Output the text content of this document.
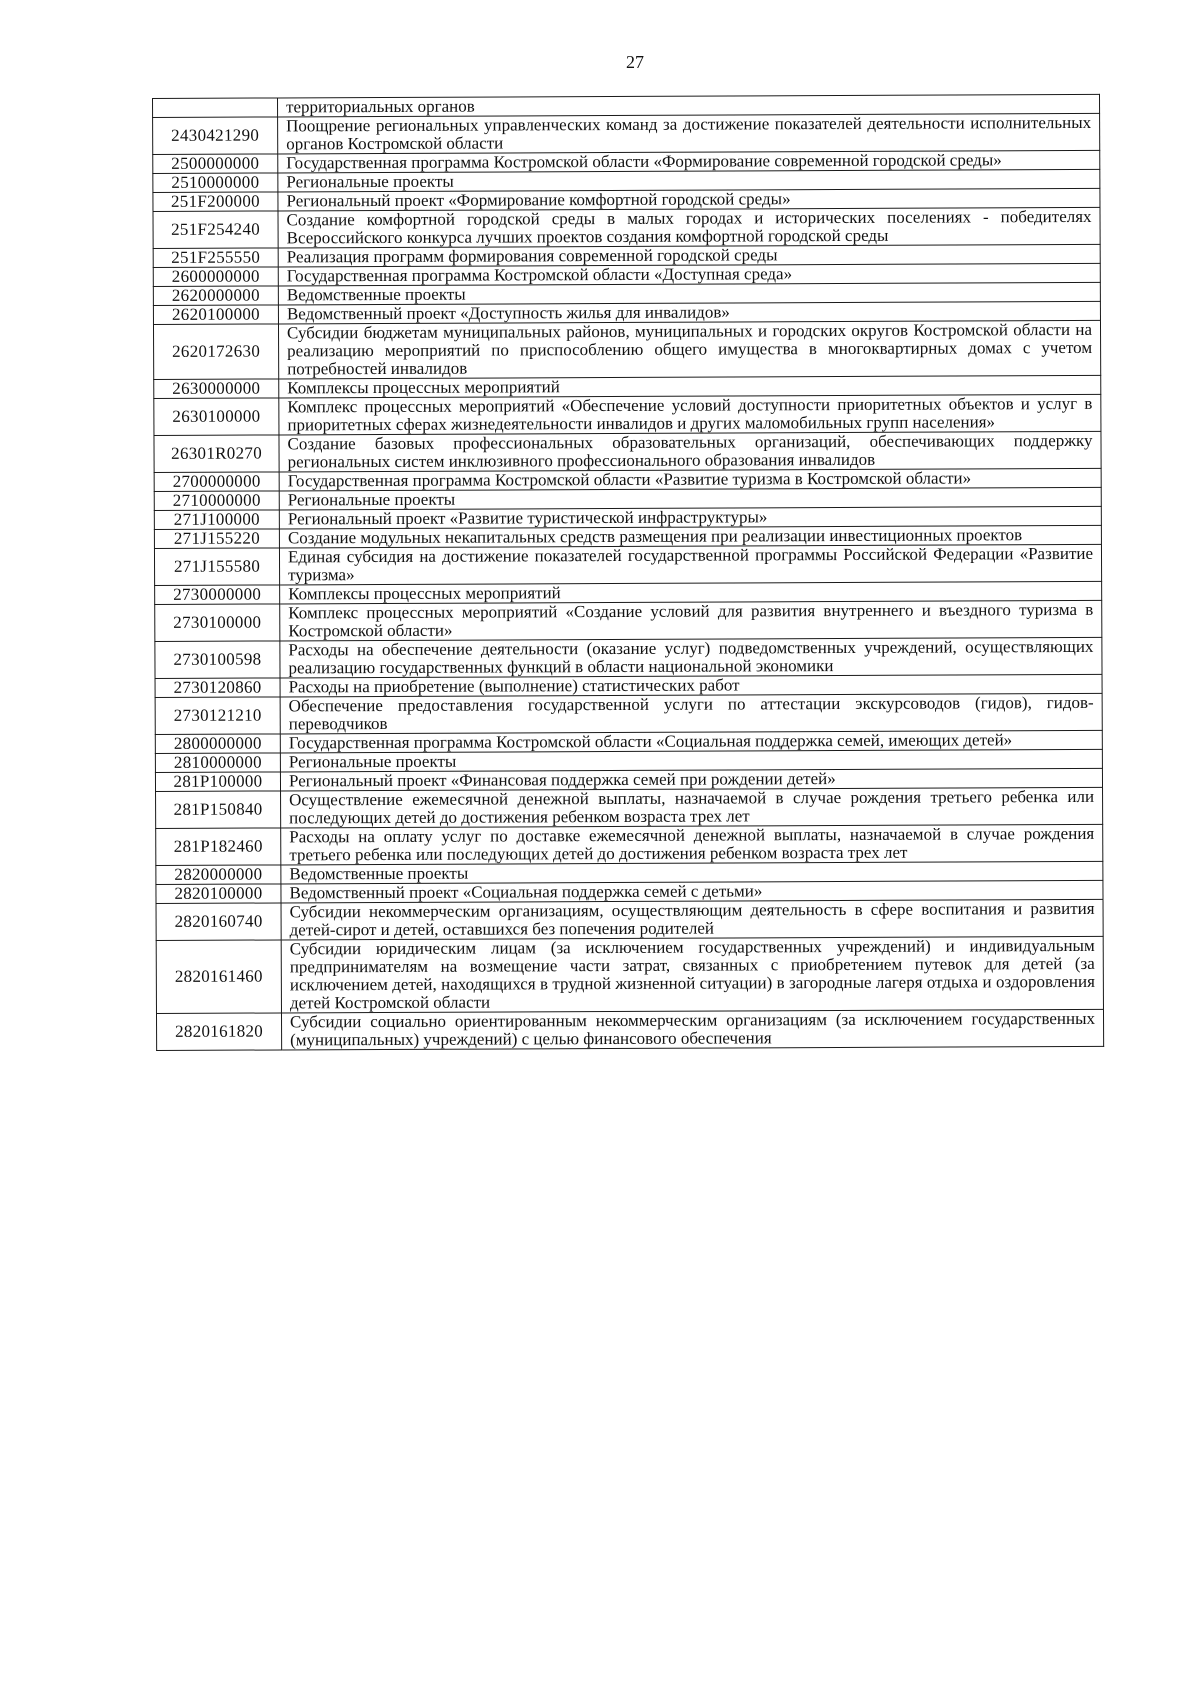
27
	территориальных органов
2430421290	Поощрение региональных управленческих команд за достижение показателей деятельности исполнительных органов Костромской области
2500000000	Государственная программа Костромской области «Формирование современной городской среды»
2510000000	Региональные проекты
251F200000	Региональный проект «Формирование комфортной городской среды»
251F254240	Создание комфортной городской среды в малых городах и исторических поселениях - победителях Всероссийского конкурса лучших проектов создания комфортной городской среды
251F255550	Реализация программ формирования современной городской среды
2600000000	Государственная программа Костромской области «Доступная среда»
2620000000	Ведомственные проекты
2620100000	Ведомственный проект «Доступность жилья для инвалидов»
2620172630	Субсидии бюджетам муниципальных районов, муниципальных и городских округов Костромской области на реализацию мероприятий по приспособлению общего имущества в многоквартирных домах с учетом потребностей инвалидов
2630000000	Комплексы процессных мероприятий
2630100000	Комплекс процессных мероприятий «Обеспечение условий доступности приоритетных объектов и услуг в приоритетных сферах жизнедеятельности инвалидов и других маломобильных групп населения»
26301R0270	Создание базовых профессиональных образовательных организаций, обеспечивающих поддержку региональных систем инклюзивного профессионального образования инвалидов
2700000000	Государственная программа Костромской области «Развитие туризма в Костромской области»
2710000000	Региональные проекты
271J100000	Региональный проект «Развитие туристической инфраструктуры»
271J155220	Создание модульных некапитальных средств размещения при реализации инвестиционных проектов
271J155580	Единая субсидия на достижение показателей государственной программы Российской Федерации «Развитие туризма»
2730000000	Комплексы процессных мероприятий
2730100000	Комплекс процессных мероприятий «Создание условий для развития внутреннего и въездного туризма в Костромской области»
2730100598	Расходы на обеспечение деятельности (оказание услуг) подведомственных учреждений, осуществляющих реализацию государственных функций в области национальной экономики
2730120860	Расходы на приобретение (выполнение) статистических работ
2730121210	Обеспечение предоставления государственной услуги по аттестации экскурсоводов (гидов), гидов-переводчиков
2800000000	Государственная программа Костромской области «Социальная поддержка семей, имеющих детей»
2810000000	Региональные проекты
281P100000	Региональный проект «Финансовая поддержка семей при рождении детей»
281P150840	Осуществление ежемесячной денежной выплаты, назначаемой в случае рождения третьего ребенка или последующих детей до достижения ребенком возраста трех лет
281P182460	Расходы на оплату услуг по доставке ежемесячной денежной выплаты, назначаемой в случае рождения третьего ребенка или последующих детей до достижения ребенком возраста трех лет
2820000000	Ведомственные проекты
2820100000	Ведомственный проект «Социальная поддержка семей с детьми»
2820160740	Субсидии некоммерческим организациям, осуществляющим деятельность в сфере воспитания и развития детей-сирот и детей, оставшихся без попечения родителей
2820161460	Субсидии юридическим лицам (за исключением государственных учреждений) и индивидуальным предпринимателям на возмещение части затрат, связанных с приобретением путевок для детей (за исключением детей, находящихся в трудной жизненной ситуации) в загородные лагеря отдыха и оздоровления детей Костромской области
2820161820	Субсидии социально ориентированным некоммерческим организациям (за исключением государственных (муниципальных) учреждений) с целью финансового обеспечения
